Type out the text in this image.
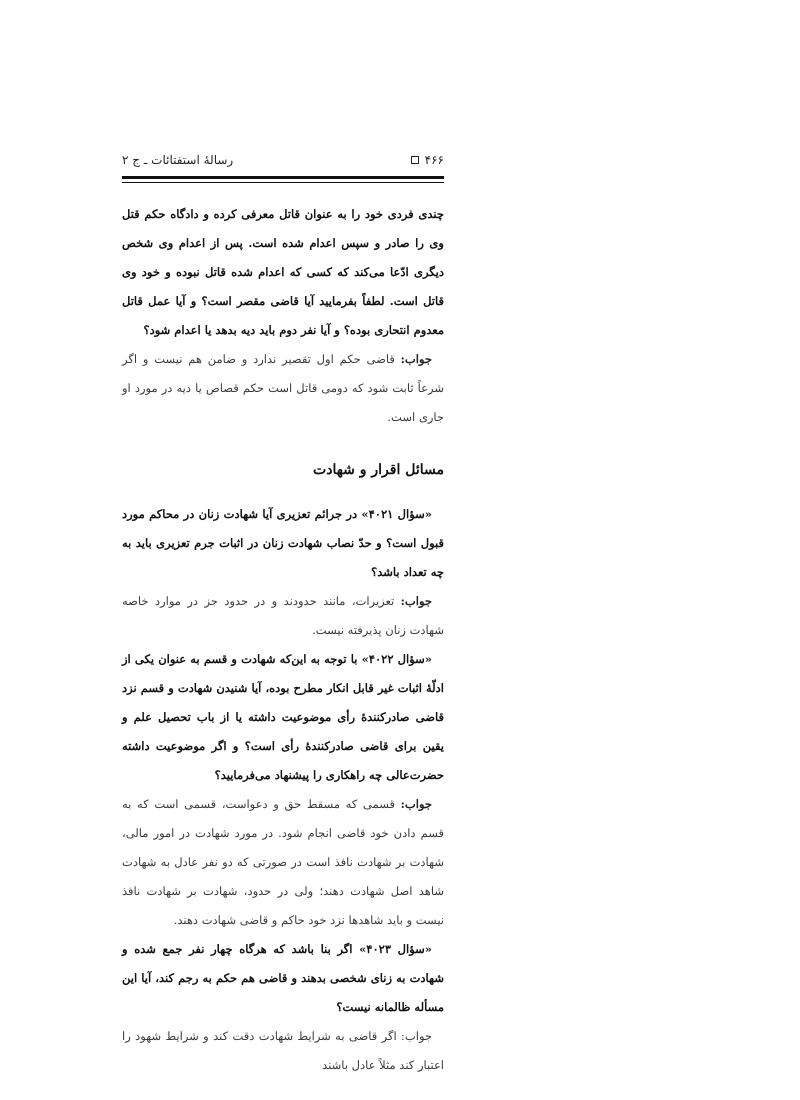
۴۶۶
رسالهٔ استفتائات ـ ج ۲

چندی فردی خود را به عنوان قاتل معرفی کرده و دادگاه حکم قتل وی را صادر و سپس اعدام شده است. پس از اعدام وی شخص دیگری ادّعا می‌کند که کسی که اعدام شده قاتل نبوده و خود وی قاتل است. لطفاً بفرمایید آیا قاضی مقصر است؟ و آیا عمل قاتل معدوم انتحاری بوده؟ و آیا نفر دوم باید دیه بدهد یا اعدام شود؟

جواب: قاضی حکم اول تقصیر ندارد و ضامن هم نیست و اگر شرعاً ثابت شود که دومی قاتل است حکم قصاص یا دیه در مورد او جاری است.

مسائل اقرار و شهادت

«سؤال ۴۰۲۱» در جرائم تعزیری آیا شهادت زنان در محاکم مورد قبول است؟ و حدّ نصاب شهادت زنان در اثبات جرم تعزیری باید به چه تعداد باشد؟

جواب: تعزیرات، مانند حدودند و در حدود جز در موارد خاصه شهادت زنان پذیرفته نیست.

«سؤال ۴۰۲۲» با توجه به این‌که شهادت و قسم به عنوان یکی از ادلّهٔ اثبات غیر قابل انکار مطرح بوده، آیا شنیدن شهادت و قسم نزد قاضی صادرکنندهٔ رأی موضوعیت داشته یا از باب تحصیل علم و یقین برای قاضی صادرکنندهٔ رأی است؟ و اگر موضوعیت داشته حضرت‌عالی چه راهکاری را پیشنهاد می‌فرمایید؟

جواب: قسمی که مسقط حق و دعواست، قسمی است که به قسم دادن خود قاضی انجام شود. در مورد شهادت در امور مالی، شهادت بر شهادت نافذ است در صورتی که دو نفر عادل به شهادت شاهد اصل شهادت دهند؛ ولی در حدود، شهادت بر شهادت نافذ نیست و باید شاهدها نزد خود حاکم و قاضی شهادت دهند.

«سؤال ۴۰۲۳» اگر بنا باشد که هرگاه چهار نفر جمع شده و شهادت به زنای شخصی بدهند و قاضی هم حکم به رجم کند، آیا این مسأله ظالمانه نیست؟

جواب: اگر قاضی به شرایط شهادت دقت کند و شرایط شهود را اعتبار کند مثلاً عادل باشند
